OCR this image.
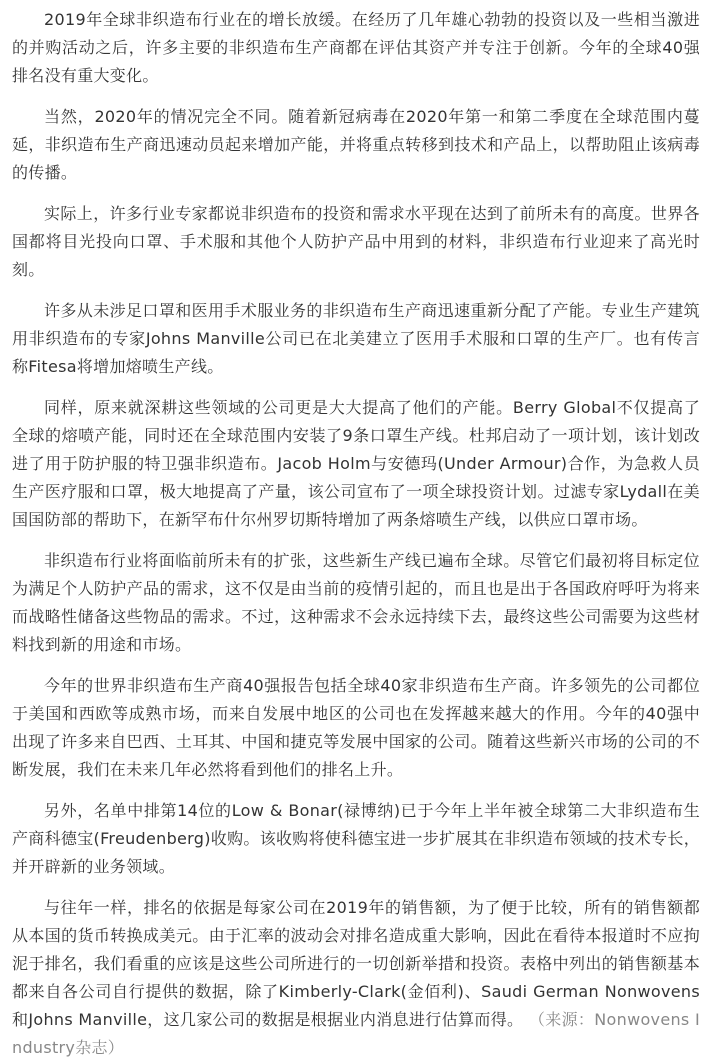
2019年全球非织造布行业在的增长放缓。在经历了几年雄心勃勃的投资以及一些相当激进的并购活动之后，许多主要的非织造布生产商都在评估其资产并专注于创新。今年的全球40强排名没有重大变化。

当然，2020年的情况完全不同。随着新冠病毒在2020年第一和第二季度在全球范围内蔓延，非织造布生产商迅速动员起来增加产能，并将重点转移到技术和产品上，以帮助阻止该病毒的传播。

实际上，许多行业专家都说非织造布的投资和需求水平现在达到了前所未有的高度。世界各国都将目光投向口罩、手术服和其他个人防护产品中用到的材料，非织造布行业迎来了高光时刻。

许多从未涉足口罩和医用手术服业务的非织造布生产商迅速重新分配了产能。专业生产建筑用非织造布的专家Johns Manville公司已在北美建立了医用手术服和口罩的生产厂。也有传言称Fitesa将增加熔喷生产线。

同样，原来就深耕这些领域的公司更是大大提高了他们的产能。Berry Global不仅提高了全球的熔喷产能，同时还在全球范围内安装了9条口罩生产线。杜邦启动了一项计划，该计划改进了用于防护服的特卫强非织造布。Jacob Holm与安德玛(Under Armour)合作，为急救人员生产医疗服和口罩，极大地提高了产量，该公司宣布了一项全球投资计划。过滤专家Lydall在美国国防部的帮助下，在新罕布什尔州罗切斯特增加了两条熔喷生产线，以供应口罩市场。

非织造布行业将面临前所未有的扩张，这些新生产线已遍布全球。尽管它们最初将目标定位为满足个人防护产品的需求，这不仅是由当前的疫情引起的，而且也是出于各国政府呼吁为将来而战略性储备这些物品的需求。不过，这种需求不会永远持续下去，最终这些公司需要为这些材料找到新的用途和市场。

今年的世界非织造布生产商40强报告包括全球40家非织造布生产商。许多领先的公司都位于美国和西欧等成熟市场，而来自发展中地区的公司也在发挥越来越大的作用。今年的40强中出现了许多来自巴西、土耳其、中国和捷克等发展中国家的公司。随着这些新兴市场的公司的不断发展，我们在未来几年必然将看到他们的排名上升。

另外，名单中排第14位的Low & Bonar(禄博纳)已于今年上半年被全球第二大非织造布生产商科德宝(Freudenberg)收购。该收购将使科德宝进一步扩展其在非织造布领域的技术专长，并开辟新的业务领域。

与往年一样，排名的依据是每家公司在2019年的销售额，为了便于比较，所有的销售额都从本国的货币转换成美元。由于汇率的波动会对排名造成重大影响，因此在看待本报道时不应拘泥于排名，我们看重的应该是这些公司所进行的一切创新举措和投资。表格中列出的销售额基本都来自各公司自行提供的数据，除了Kimberly-Clark(金佰利)、Saudi German Nonwovens和Johns Manville，这几家公司的数据是根据业内消息进行估算而得。 （来源：Nonwovens Industry杂志）
